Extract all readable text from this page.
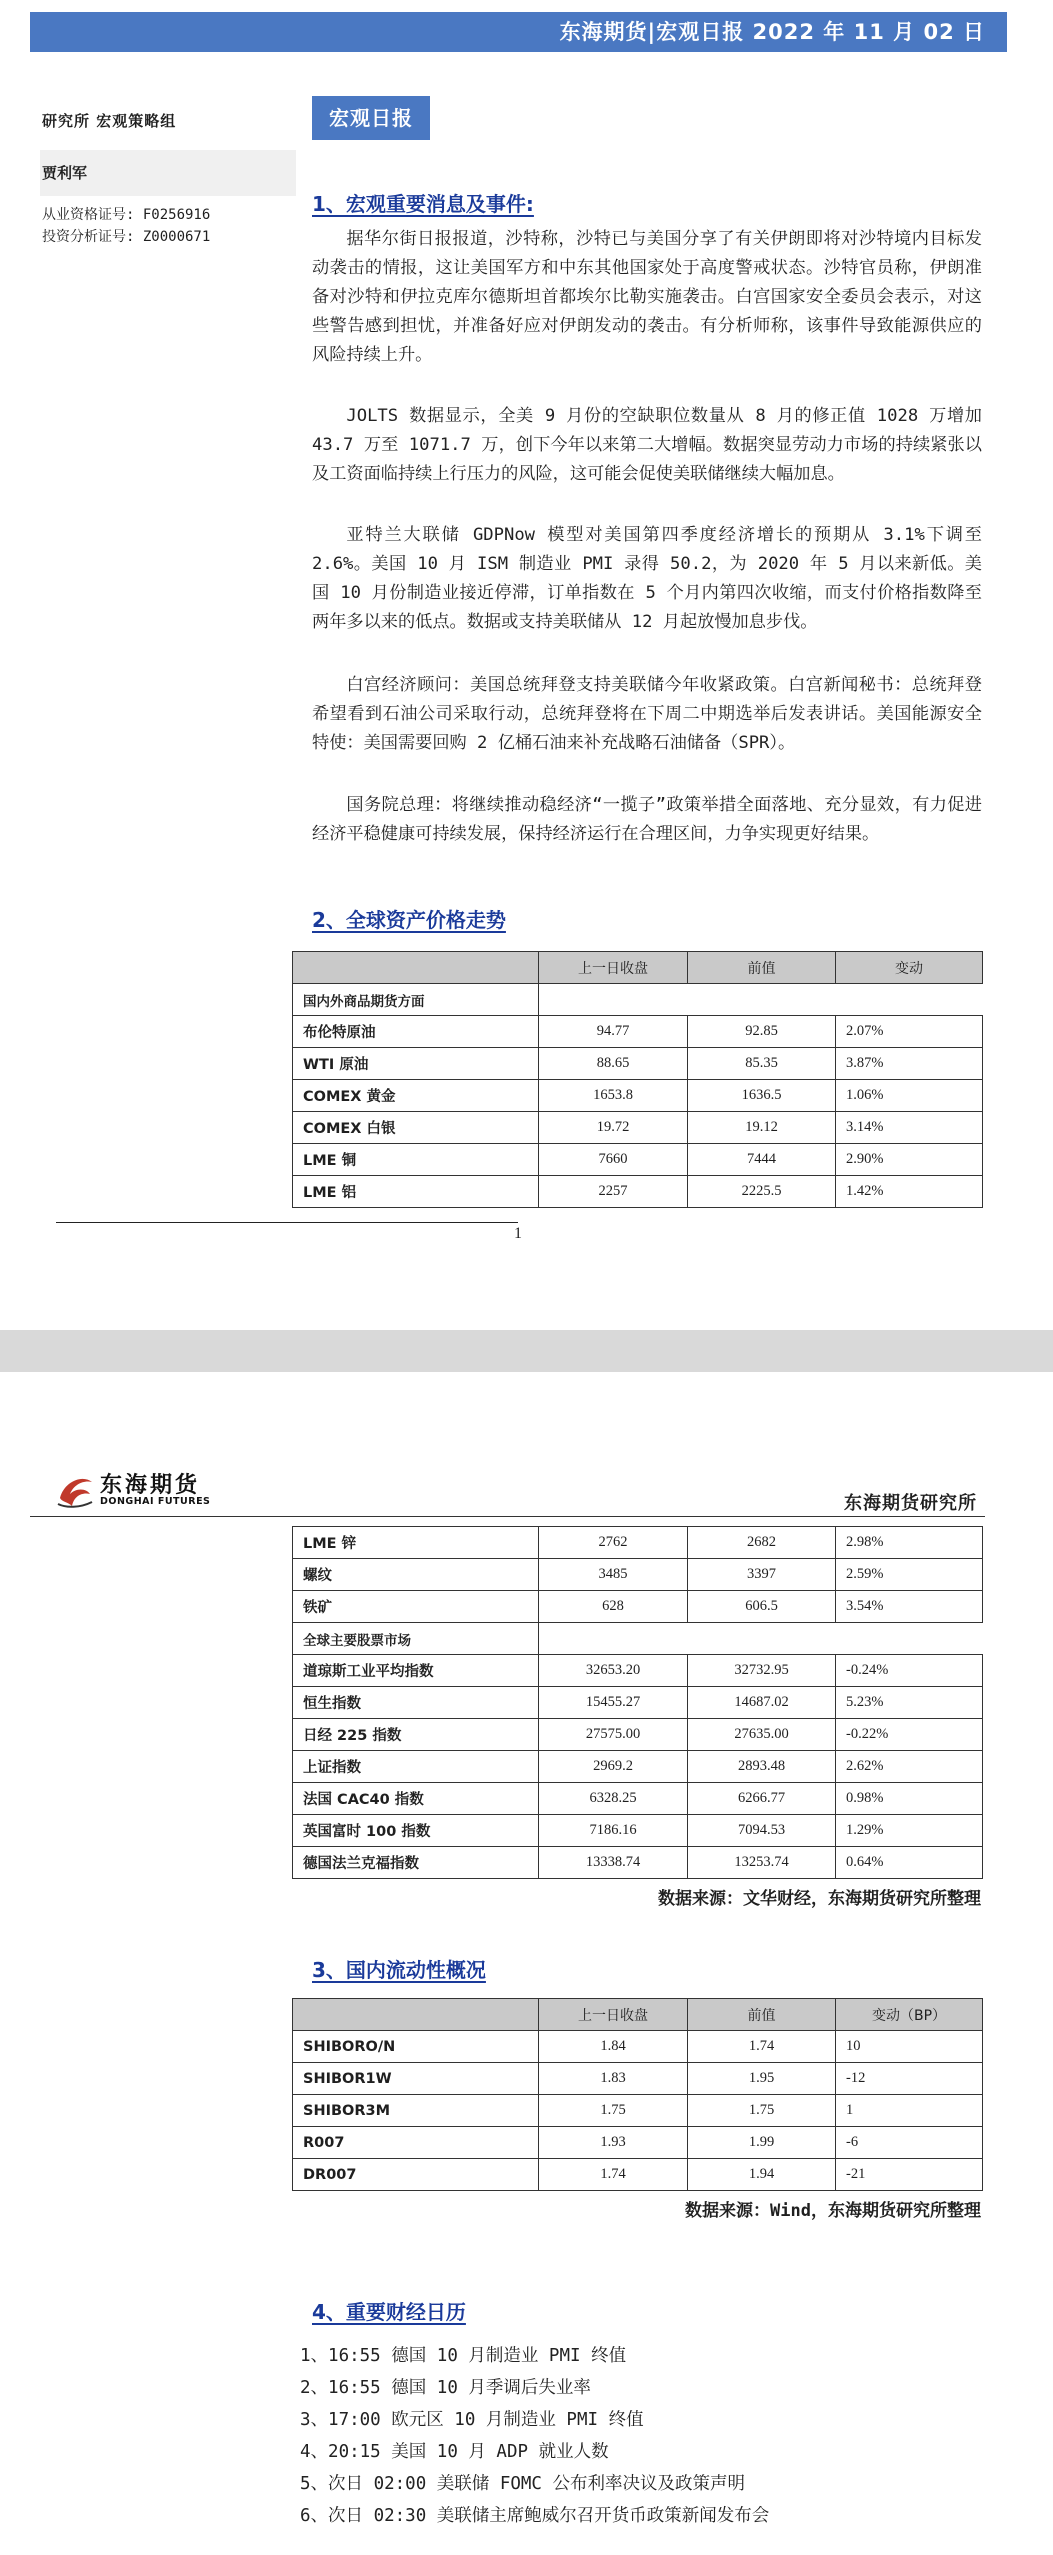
东海期货|宏观日报 2022 年 11 月 02 日
研究所 宏观策略组
贾利军
从业资格证号: F0256916
投资分析证号: Z0000671
宏观日报
1、宏观重要消息及事件:
据华尔街日报报道，沙特称，沙特已与美国分享了有关伊朗即将对沙特境内目标发动袭击的情报，这让美国军方和中东其他国家处于高度警戒状态。沙特官员称，伊朗准备对沙特和伊拉克库尔德斯坦首都埃尔比勒实施袭击。白宫国家安全委员会表示，对这些警告感到担忧，并准备好应对伊朗发动的袭击。有分析师称，该事件导致能源供应的风险持续上升。
JOLTS 数据显示，全美 9 月份的空缺职位数量从 8 月的修正值 1028 万增加 43.7 万至 1071.7 万，创下今年以来第二大增幅。数据突显劳动力市场的持续紧张以及工资面临持续上行压力的风险，这可能会促使美联储继续大幅加息。
亚特兰大联储 GDPNow 模型对美国第四季度经济增长的预期从 3.1%下调至 2.6%。美国 10 月 ISM 制造业 PMI 录得 50.2，为 2020 年 5 月以来新低。美国 10 月份制造业接近停滞，订单指数在 5 个月内第四次收缩，而支付价格指数降至两年多以来的低点。数据或支持美联储从 12 月起放慢加息步伐。
白宫经济顾问：美国总统拜登支持美联储今年收紧政策。白宫新闻秘书：总统拜登希望看到石油公司采取行动，总统拜登将在下周二中期选举后发表讲话。美国能源安全特使：美国需要回购 2 亿桶石油来补充战略石油储备（SPR）。
国务院总理：将继续推动稳经济“一揽子”政策举措全面落地、充分显效，有力促进经济平稳健康可持续发展，保持经济运行在合理区间，力争实现更好结果。
2、全球资产价格走势
	上一日收盘	前值	变动
国内外商品期货方面			
布伦特原油	94.77	92.85	2.07%
WTI 原油	88.65	85.35	3.87%
COMEX 黄金	1653.8	1636.5	1.06%
COMEX 白银	19.72	19.12	3.14%
LME 铜	7660	7444	2.90%
LME 铝	2257	2225.5	1.42%
1
东海期货
DONGHAI FUTURES	东海期货研究所
LME 锌	2762	2682	2.98%
螺纹	3485	3397	2.59%
铁矿	628	606.5	3.54%
全球主要股票市场			
道琼斯工业平均指数	32653.20	32732.95	-0.24%
恒生指数	15455.27	14687.02	5.23%
日经 225 指数	27575.00	27635.00	-0.22%
上证指数	2969.2	2893.48	2.62%
法国 CAC40 指数	6328.25	6266.77	0.98%
英国富时 100 指数	7186.16	7094.53	1.29%
德国法兰克福指数	13338.74	13253.74	0.64%
数据来源：文华财经，东海期货研究所整理
3、国内流动性概况
	上一日收盘	前值	变动（BP）
SHIBORO/N	1.84	1.74	10
SHIBOR1W	1.83	1.95	-12
SHIBOR3M	1.75	1.75	1
R007	1.93	1.99	-6
DR007	1.74	1.94	-21
数据来源：Wind，东海期货研究所整理
4、重要财经日历
1、16:55 德国 10 月制造业 PMI 终值
2、16:55 德国 10 月季调后失业率
3、17:00 欧元区 10 月制造业 PMI 终值
4、20:15 美国 10 月 ADP 就业人数
5、次日 02:00 美联储 FOMC 公布利率决议及政策声明
6、次日 02:30 美联储主席鲍威尔召开货币政策新闻发布会
